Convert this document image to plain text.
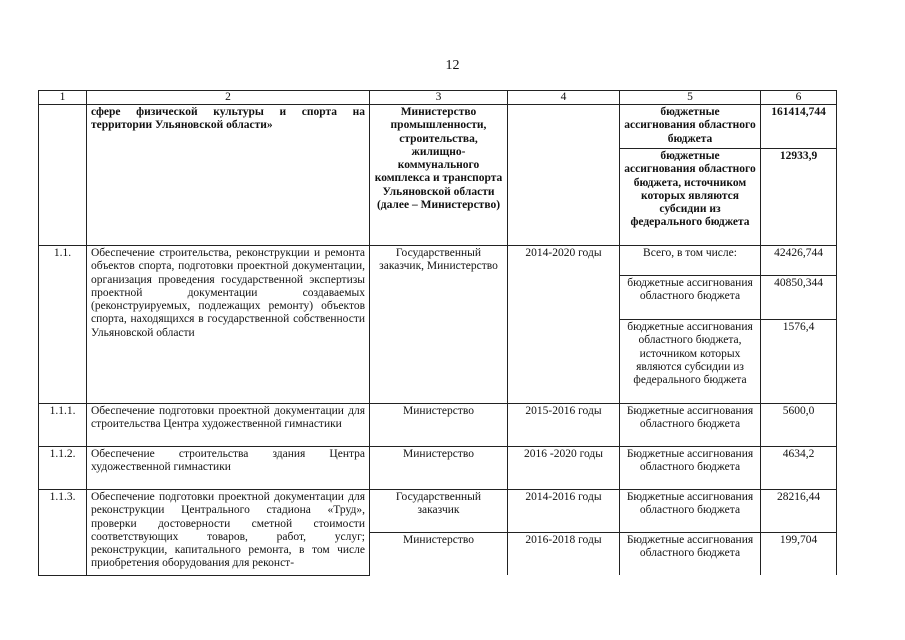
12
1	2	3	4	5	6
	сфере физической культуры и спорта на территории Ульяновской области»	Министерство промышленности, строительства, жилищно-коммунального комплекса и транспорта Ульяновской области (далее – Министерство)		бюджетные ассигнования областного бюджета	161414,744
				бюджетные ассигнования областного бюджета, источником которых являются субсидии из федерального бюджета	12933,9
1.1.	Обеспечение строительства, реконструкции и ремонта объектов спорта, подготовки проектной документации, организация проведения государственной экспертизы проектной документации создаваемых (реконструируемых, подлежащих ремонту) объектов спорта, находящихся в государственной собственности Ульяновской области	Государственный заказчик, Министерство	2014-2020 годы	Всего, в том числе:	42426,744
				бюджетные ассигнования областного бюджета	40850,344
				бюджетные ассигнования областного бюджета, источником которых являются субсидии из федерального бюджета	1576,4
1.1.1.	Обеспечение подготовки проектной документации для строительства Центра художественной гимнастики	Министерство	2015-2016 годы	Бюджетные ассигнования областного бюджета	5600,0
1.1.2.	Обеспечение строительства здания Центра художественной гимнастики	Министерство	2016 -2020 годы	Бюджетные ассигнования областного бюджета	4634,2
1.1.3.	Обеспечение подготовки проектной документации для реконструкции Центрального стадиона «Труд», проверки достоверности сметной стоимости соответствующих товаров, работ, услуг; реконструкции, капитального ремонта, в том числе приобретения оборудования для реконст-	Государственный заказчик	2014-2016 годы	Бюджетные ассигнования областного бюджета	28216,44
		Министерство	2016-2018 годы	Бюджетные ассигнования областного бюджета	199,704
